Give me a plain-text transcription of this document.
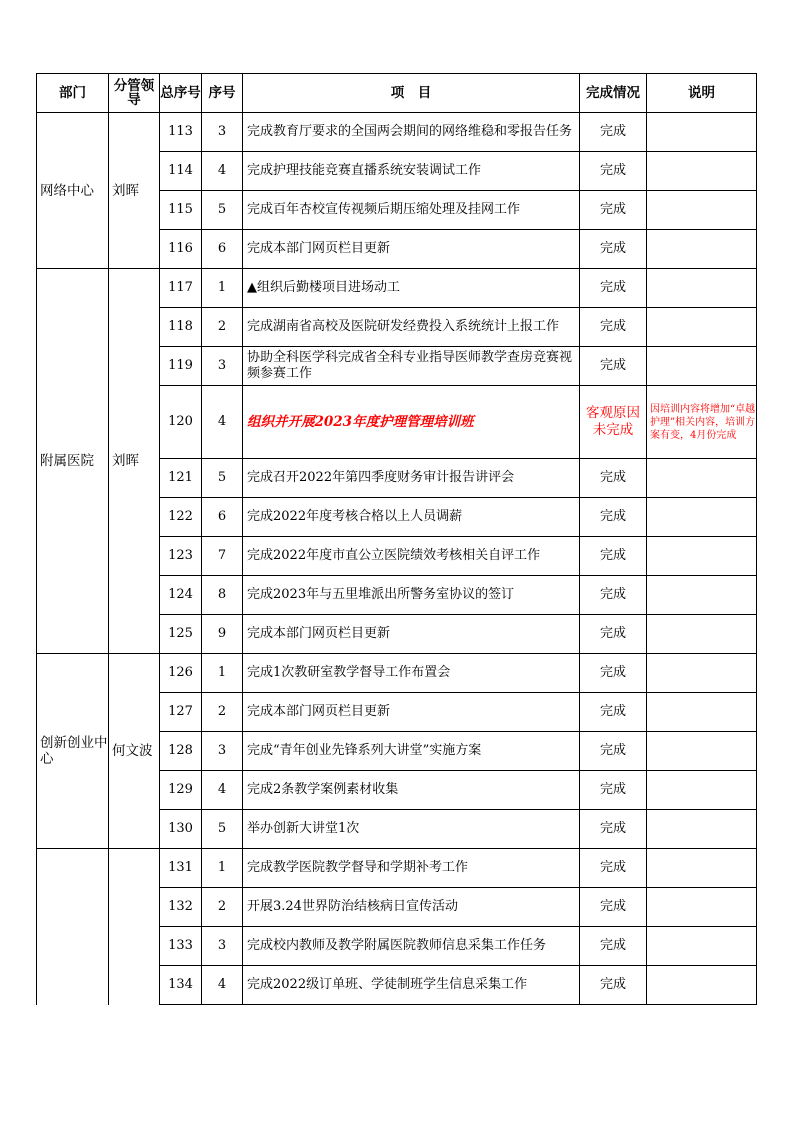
部门	分管领导	总序号	序号	项　目	完成情况	说明
网络中心	刘晖	113	3	完成教育厅要求的全国两会期间的网络维稳和零报告任务	完成	
		114	4	完成护理技能竞赛直播系统安装调试工作	完成	
		115	5	完成百年杏校宣传视频后期压缩处理及挂网工作	完成	
		116	6	完成本部门网页栏目更新	完成	
附属医院	刘晖	117	1	▲组织后勤楼项目进场动工	完成	
		118	2	完成湖南省高校及医院研发经费投入系统统计上报工作	完成	
		119	3	协助全科医学科完成省全科专业指导医师教学查房竞赛视频参赛工作	完成	
		120	4	组织并开展2023年度护理管理培训班	客观原因未完成	因培训内容将增加“卓越护理”相关内容，培训方案有变，4月份完成
		121	5	完成召开2022年第四季度财务审计报告讲评会	完成	
		122	6	完成2022年度考核合格以上人员调薪	完成	
		123	7	完成2022年度市直公立医院绩效考核相关自评工作	完成	
		124	8	完成2023年与五里堆派出所警务室协议的签订	完成	
		125	9	完成本部门网页栏目更新	完成	
创新创业中心	何文波	126	1	完成1次教研室教学督导工作布置会	完成	
		127	2	完成本部门网页栏目更新	完成	
		128	3	完成“青年创业先锋系列大讲堂”实施方案	完成	
		129	4	完成2条教学案例素材收集	完成	
		130	5	举办创新大讲堂1次	完成	
		131	1	完成教学医院教学督导和学期补考工作	完成	
		132	2	开展3.24世界防治结核病日宣传活动	完成	
		133	3	完成校内教师及教学附属医院教师信息采集工作任务	完成	
		134	4	完成2022级订单班、学徒制班学生信息采集工作	完成	
